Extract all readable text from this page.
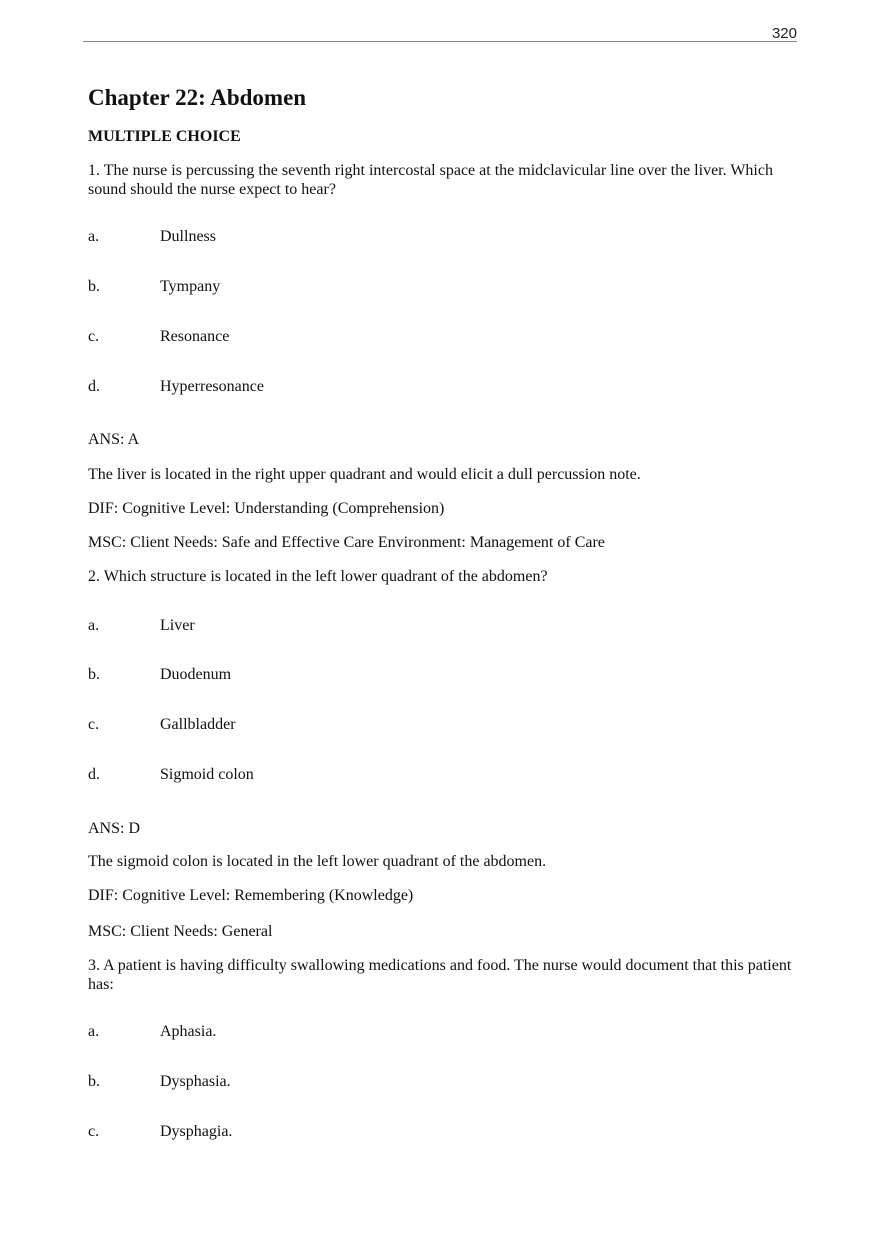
320
Chapter 22: Abdomen
MULTIPLE CHOICE
1. The nurse is percussing the seventh right intercostal space at the midclavicular line over the liver. Which sound should the nurse expect to hear?
a.	Dullness
b.	Tympany
c.	Resonance
d.	Hyperresonance
ANS: A
The liver is located in the right upper quadrant and would elicit a dull percussion note.
DIF: Cognitive Level: Understanding (Comprehension)
MSC: Client Needs: Safe and Effective Care Environment: Management of Care
2. Which structure is located in the left lower quadrant of the abdomen?
a.	Liver
b.	Duodenum
c.	Gallbladder
d.	Sigmoid colon
ANS: D
The sigmoid colon is located in the left lower quadrant of the abdomen.
DIF: Cognitive Level: Remembering (Knowledge)
MSC: Client Needs: General
3. A patient is having difficulty swallowing medications and food. The nurse would document that this patient has:
a.	Aphasia.
b.	Dysphasia.
c.	Dysphagia.
